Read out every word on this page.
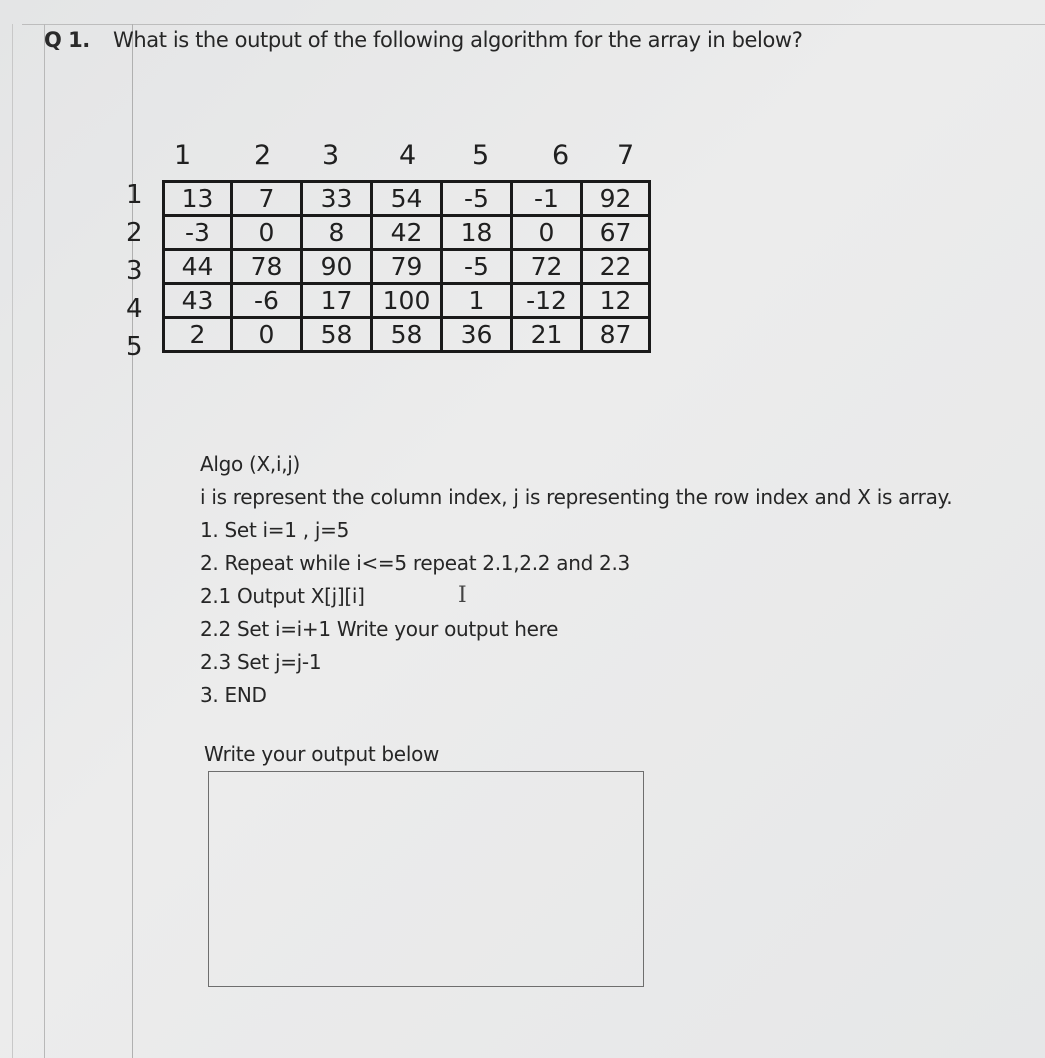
Q 1. What is the output of the following algorithm for the array in below?
1 2 3 4 5 6 7
1
2
3
4
5
13	7	33	54	-5	-1	92
-3	0	8	42	18	0	67
44	78	90	79	-5	72	22
43	-6	17	100	1	-12	12
2	0	58	58	36	21	87
Algo (X,i,j)
i is represent the column index, j is representing the row index and X is array.
1. Set i=1 , j=5
2. Repeat while i<=5 repeat 2.1,2.2 and 2.3
2.1 Output X[j][i]
2.2 Set i=i+1 Write your output here
2.3 Set j=j-1
3. END
I
Write your output below
